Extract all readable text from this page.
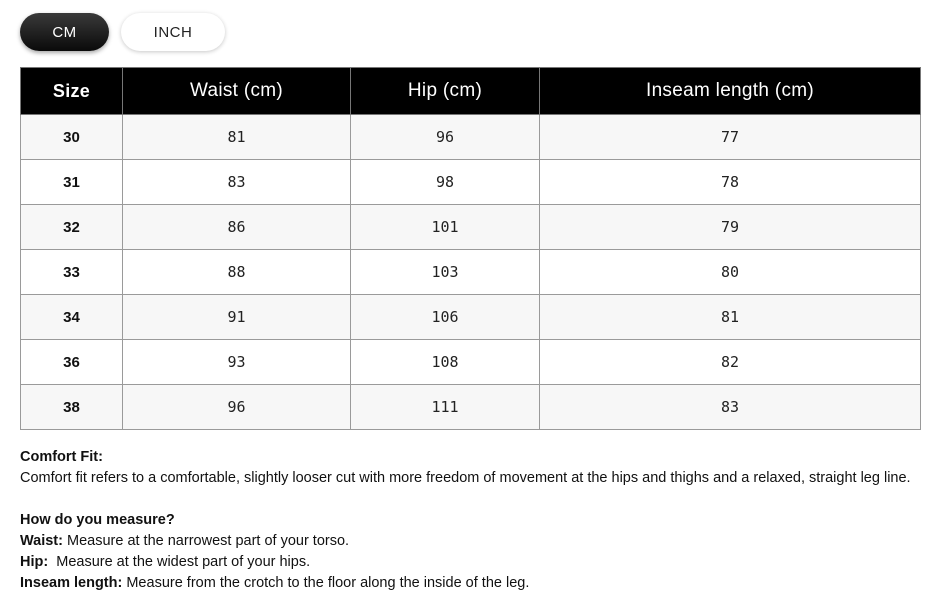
CM	INCH
Size	Waist (cm)	Hip (cm)	Inseam length (cm)
30	81	96	77
31	83	98	78
32	86	101	79
33	88	103	80
34	91	106	81
36	93	108	82
38	96	111	83

Comfort Fit:

Comfort fit refers to a comfortable, slightly looser cut with more freedom of movement at the hips and thighs and a relaxed, straight leg line.

How do you measure?

Waist: Measure at the narrowest part of your torso.

Hip:  Measure at the widest part of your hips.

Inseam length: Measure from the crotch to the floor along the inside of the leg.
